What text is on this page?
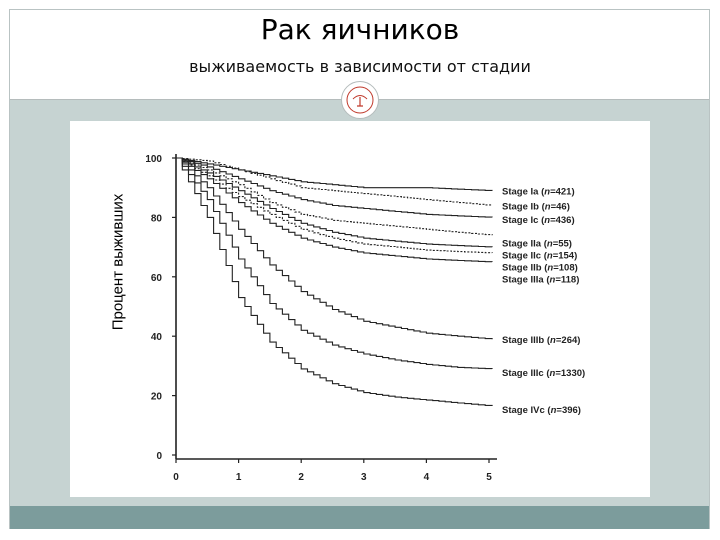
Рак яичников
выживаемость в зависимости от стадии
0
20
40
60
80
100
0	1	2	3	4	5
Stage Ia (n=421)
Stage Ib (n=46)
Stage Ic (n=436)
Stage IIa (n=55)
Stage IIc (n=154)
Stage IIb (n=108)
Stage IIIa (n=118)
Stage IIIb (n=264)
Stage IIIc (n=1330)
Stage IVc (n=396)
Процент выживших
